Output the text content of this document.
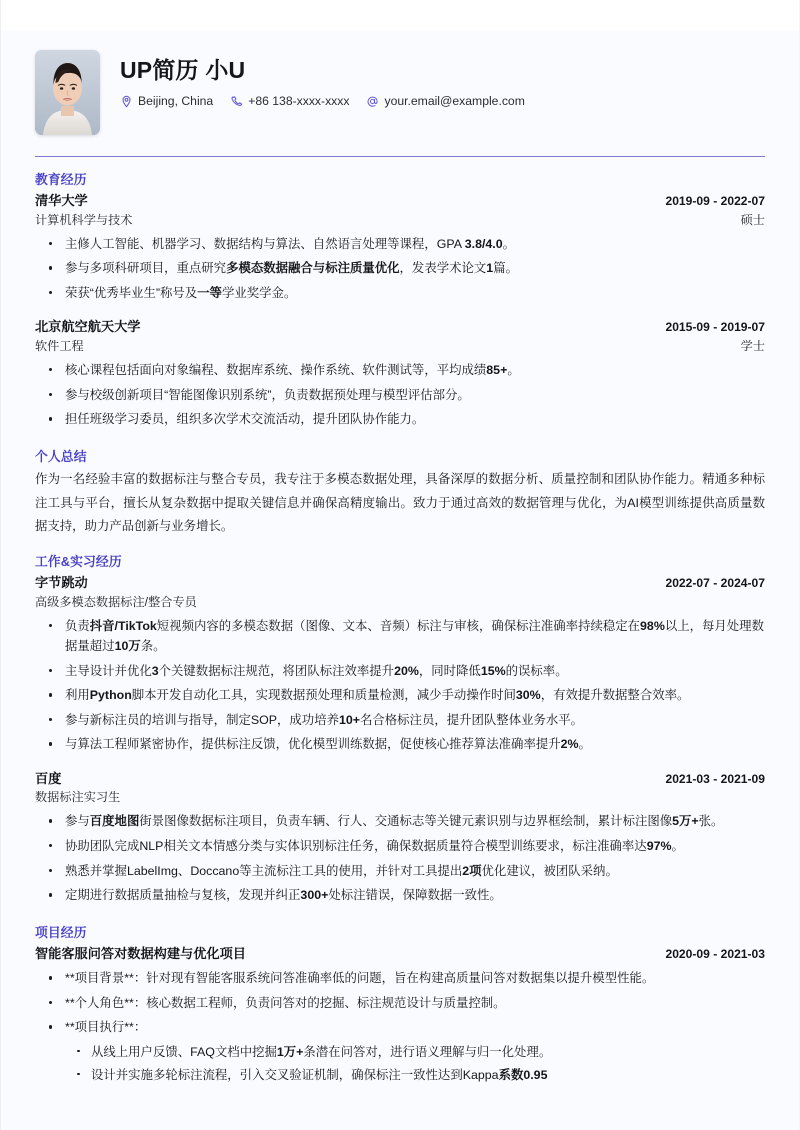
UP简历 小U
Beijing, China	+86 138-xxxx-xxxx	your.email@example.com
教育经历
清华大学	2019-09 - 2022-07
计算机科学与技术	硕士
主修人工智能、机器学习、数据结构与算法、自然语言处理等课程，GPA 3.8/4.0。
参与多项科研项目，重点研究多模态数据融合与标注质量优化，发表学术论文1篇。
荣获“优秀毕业生”称号及一等学业奖学金。
北京航空航天大学	2015-09 - 2019-07
软件工程	学士
核心课程包括面向对象编程、数据库系统、操作系统、软件测试等，平均成绩85+。
参与校级创新项目“智能图像识别系统”，负责数据预处理与模型评估部分。
担任班级学习委员，组织多次学术交流活动，提升团队协作能力。
个人总结
作为一名经验丰富的数据标注与整合专员，我专注于多模态数据处理，具备深厚的数据分析、质量控制和团队协作能力。精通多种标注工具与平台，擅长从复杂数据中提取关键信息并确保高精度输出。致力于通过高效的数据管理与优化，为AI模型训练提供高质量数据支持，助力产品创新与业务增长。
工作&实习经历
字节跳动	2022-07 - 2024-07
高级多模态数据标注/整合专员
负责抖音/TikTok短视频内容的多模态数据（图像、文本、音频）标注与审核，确保标注准确率持续稳定在98%以上，每月处理数据量超过10万条。
主导设计并优化3个关键数据标注规范，将团队标注效率提升20%，同时降低15%的误标率。
利用Python脚本开发自动化工具，实现数据预处理和质量检测，减少手动操作时间30%，有效提升数据整合效率。
参与新标注员的培训与指导，制定SOP，成功培养10+名合格标注员，提升团队整体业务水平。
与算法工程师紧密协作，提供标注反馈，优化模型训练数据，促使核心推荐算法准确率提升2%。
百度	2021-03 - 2021-09
数据标注实习生
参与百度地图街景图像数据标注项目，负责车辆、行人、交通标志等关键元素识别与边界框绘制，累计标注图像5万+张。
协助团队完成NLP相关文本情感分类与实体识别标注任务，确保数据质量符合模型训练要求，标注准确率达97%。
熟悉并掌握LabelImg、Doccano等主流标注工具的使用，并针对工具提出2项优化建议，被团队采纳。
定期进行数据质量抽检与复核，发现并纠正300+处标注错误，保障数据一致性。
项目经历
智能客服问答对数据构建与优化项目	2020-09 - 2021-03
**项目背景**：针对现有智能客服系统问答准确率低的问题，旨在构建高质量问答对数据集以提升模型性能。
**个人角色**：核心数据工程师，负责问答对的挖掘、标注规范设计与质量控制。
**项目执行**：
从线上用户反馈、FAQ文档中挖掘1万+条潜在问答对，进行语义理解与归一化处理。
设计并实施多轮标注流程，引入交叉验证机制，确保标注一致性达到Kappa系数0.95
